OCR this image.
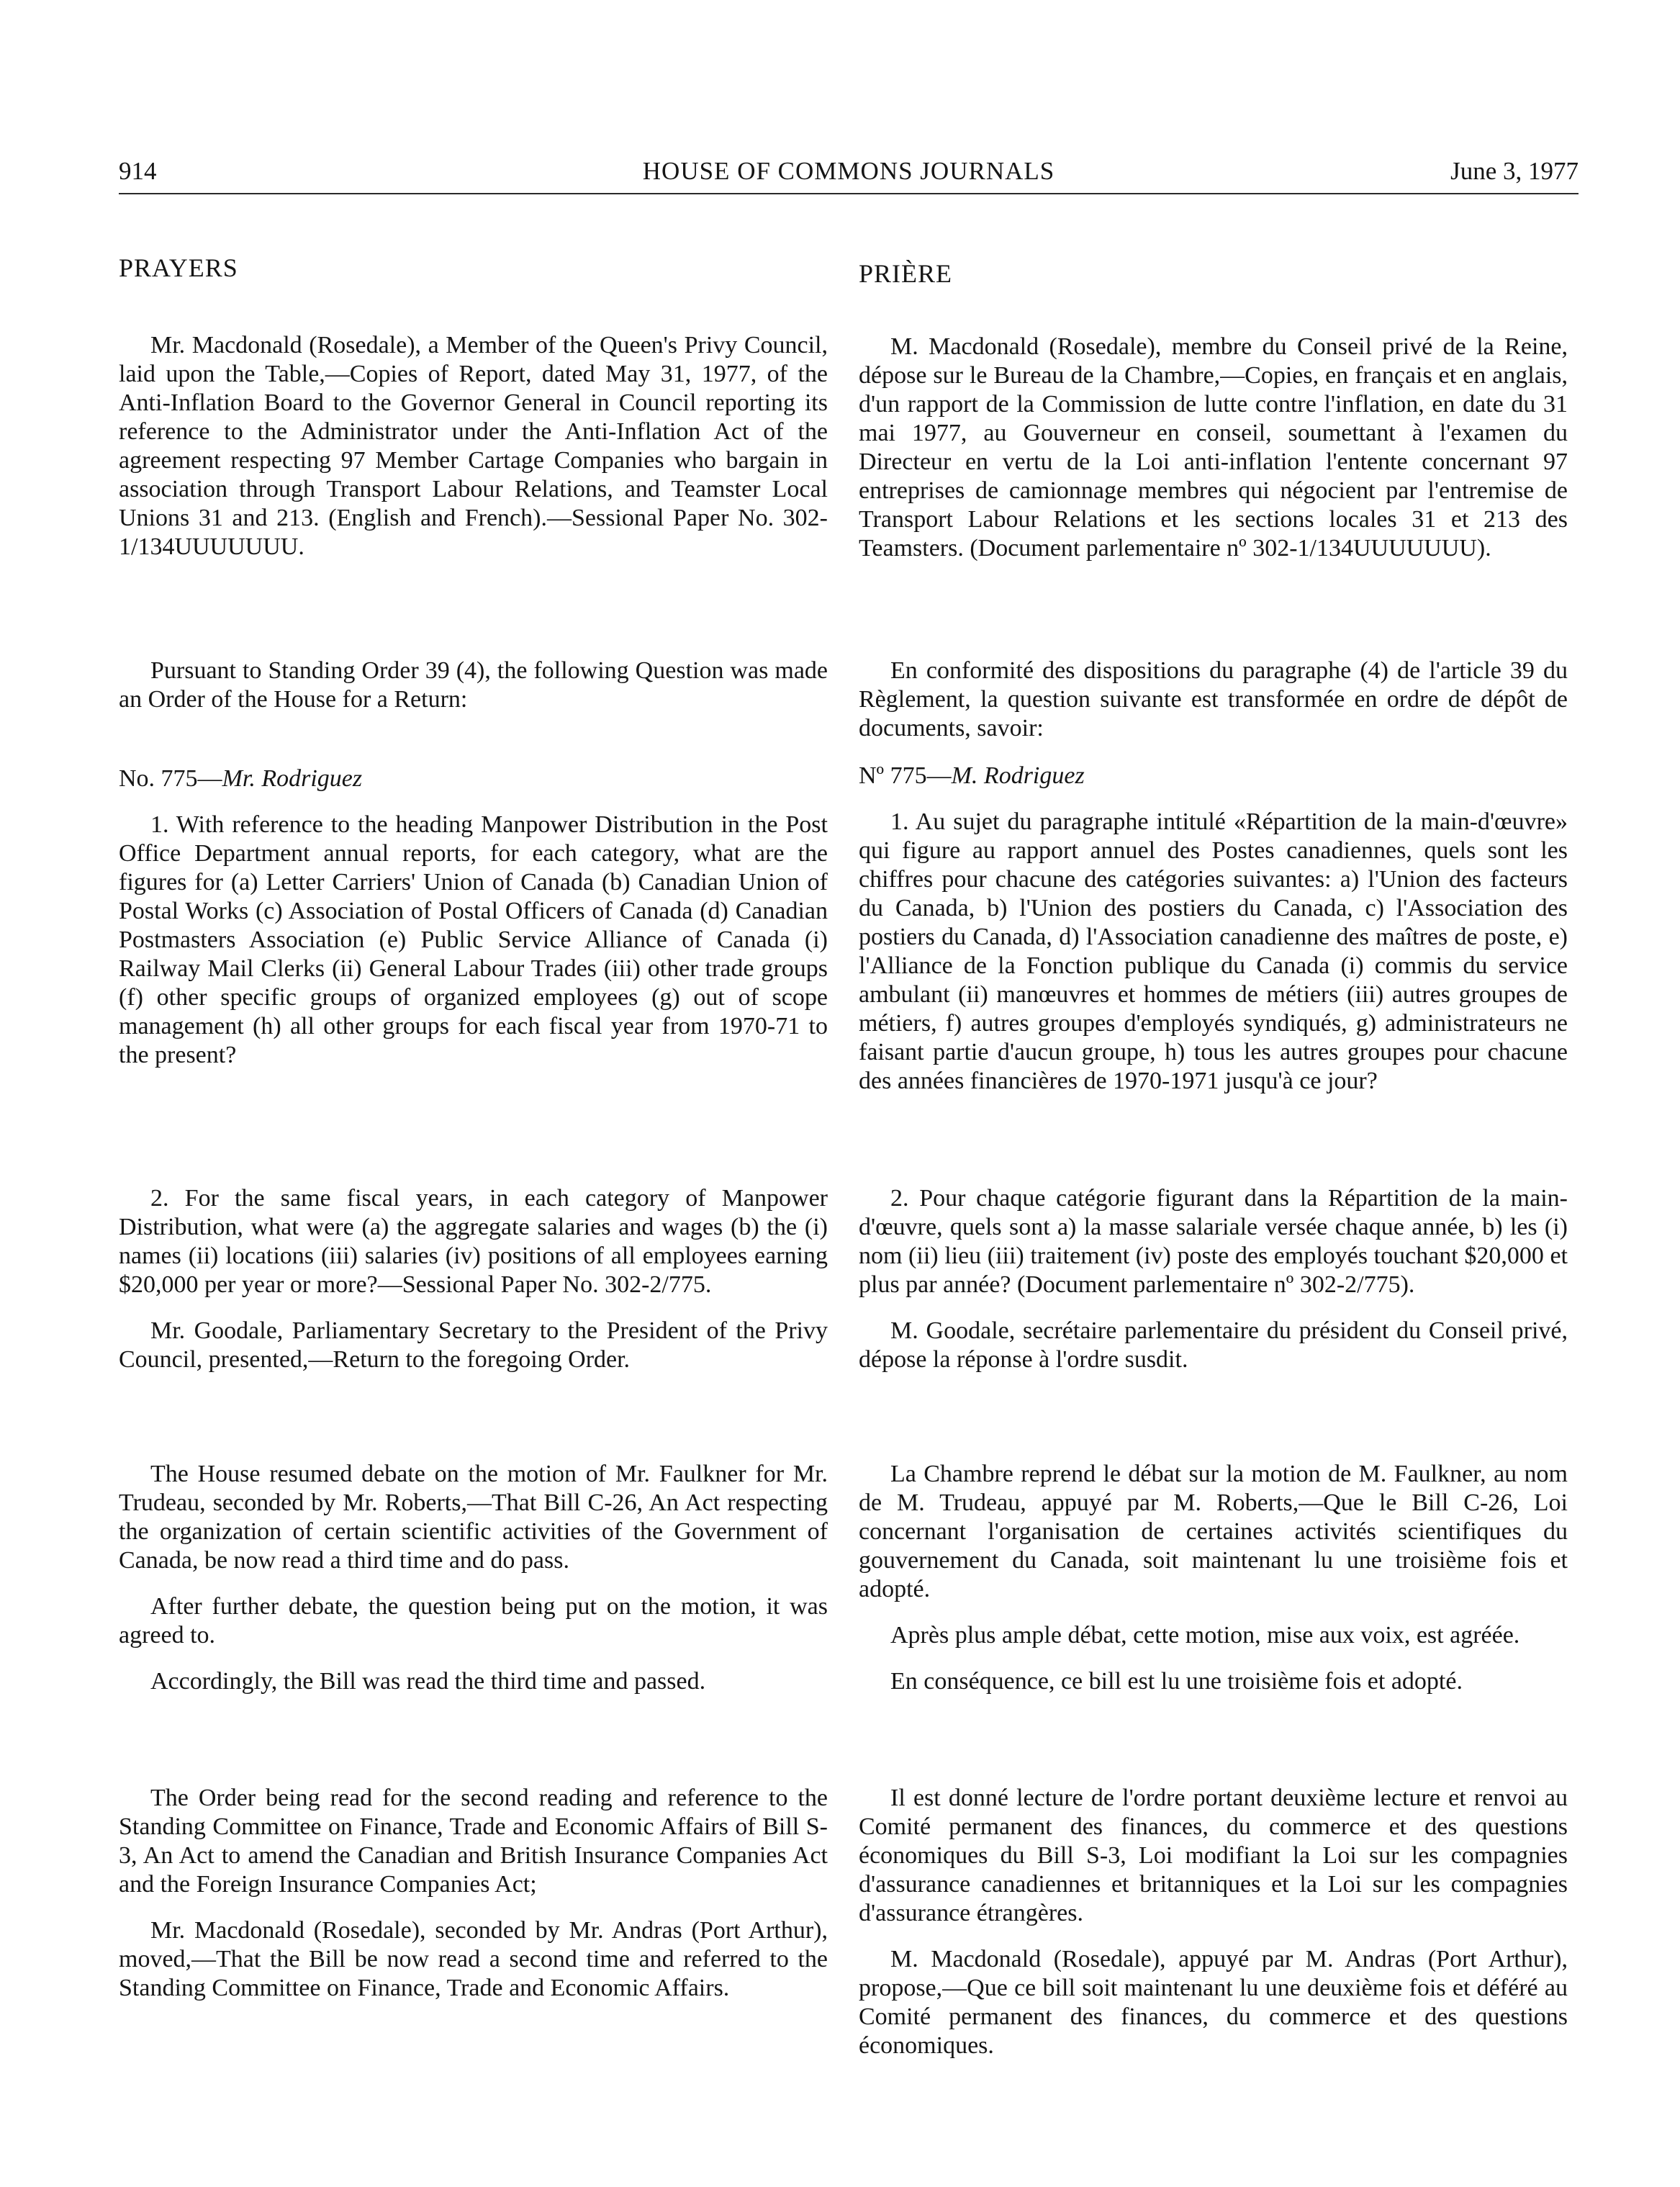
914	HOUSE OF COMMONS JOURNALS	June 3, 1977
PRAYERS

Mr. Macdonald (Rosedale), a Member of the Queen's Privy Council, laid upon the Table,—Copies of Report, dated May 31, 1977, of the Anti-Inflation Board to the Governor General in Council reporting its reference to the Administrator under the Anti-Inflation Act of the agreement respecting 97 Member Cartage Companies who bargain in association through Transport Labour Relations, and Teamster Local Unions 31 and 213. (English and French).—Sessional Paper No. 302-1/134UUUUUUU.

Pursuant to Standing Order 39 (4), the following Question was made an Order of the House for a Return:

No. 775—Mr. Rodriguez

1. With reference to the heading Manpower Distribution in the Post Office Department annual reports, for each category, what are the figures for (a) Letter Carriers' Union of Canada (b) Canadian Union of Postal Works (c) Association of Postal Officers of Canada (d) Canadian Postmasters Association (e) Public Service Alliance of Canada (i) Railway Mail Clerks (ii) General Labour Trades (iii) other trade groups (f) other specific groups of organized employees (g) out of scope management (h) all other groups for each fiscal year from 1970-71 to the present?

2. For the same fiscal years, in each category of Manpower Distribution, what were (a) the aggregate salaries and wages (b) the (i) names (ii) locations (iii) salaries (iv) positions of all employees earning $20,000 per year or more?—Sessional Paper No. 302-2/775.

Mr. Goodale, Parliamentary Secretary to the President of the Privy Council, presented,—Return to the foregoing Order.

The House resumed debate on the motion of Mr. Faulkner for Mr. Trudeau, seconded by Mr. Roberts,—That Bill C-26, An Act respecting the organization of certain scientific activities of the Government of Canada, be now read a third time and do pass.

After further debate, the question being put on the motion, it was agreed to.

Accordingly, the Bill was read the third time and passed.

The Order being read for the second reading and reference to the Standing Committee on Finance, Trade and Economic Affairs of Bill S-3, An Act to amend the Canadian and British Insurance Companies Act and the Foreign Insurance Companies Act;

Mr. Macdonald (Rosedale), seconded by Mr. Andras (Port Arthur), moved,—That the Bill be now read a second time and referred to the Standing Committee on Finance, Trade and Economic Affairs.

PRIÈRE

M. Macdonald (Rosedale), membre du Conseil privé de la Reine, dépose sur le Bureau de la Chambre,—Copies, en français et en anglais, d'un rapport de la Commission de lutte contre l'inflation, en date du 31 mai 1977, au Gouverneur en conseil, soumettant à l'examen du Directeur en vertu de la Loi anti-inflation l'entente concernant 97 entreprises de camionnage membres qui négocient par l'entremise de Transport Labour Relations et les sections locales 31 et 213 des Teamsters. (Document parlementaire nº 302-1/134UUUUUUU).

En conformité des dispositions du paragraphe (4) de l'article 39 du Règlement, la question suivante est transformée en ordre de dépôt de documents, savoir:

Nº 775—M. Rodriguez

1. Au sujet du paragraphe intitulé «Répartition de la main-d'œuvre» qui figure au rapport annuel des Postes canadiennes, quels sont les chiffres pour chacune des catégories suivantes: a) l'Union des facteurs du Canada, b) l'Union des postiers du Canada, c) l'Association des postiers du Canada, d) l'Association canadienne des maîtres de poste, e) l'Alliance de la Fonction publique du Canada (i) commis du service ambulant (ii) manœuvres et hommes de métiers (iii) autres groupes de métiers, f) autres groupes d'employés syndiqués, g) administrateurs ne faisant partie d'aucun groupe, h) tous les autres groupes pour chacune des années financières de 1970-1971 jusqu'à ce jour?

2. Pour chaque catégorie figurant dans la Répartition de la main-d'œuvre, quels sont a) la masse salariale versée chaque année, b) les (i) nom (ii) lieu (iii) traitement (iv) poste des employés touchant $20,000 et plus par année? (Document parlementaire nº 302-2/775).

M. Goodale, secrétaire parlementaire du président du Conseil privé, dépose la réponse à l'ordre susdit.

La Chambre reprend le débat sur la motion de M. Faulkner, au nom de M. Trudeau, appuyé par M. Roberts,—Que le Bill C-26, Loi concernant l'organisation de certaines activités scientifiques du gouvernement du Canada, soit maintenant lu une troisième fois et adopté.

Après plus ample débat, cette motion, mise aux voix, est agréée.

En conséquence, ce bill est lu une troisième fois et adopté.

Il est donné lecture de l'ordre portant deuxième lecture et renvoi au Comité permanent des finances, du commerce et des questions économiques du Bill S-3, Loi modifiant la Loi sur les compagnies d'assurance canadiennes et britanniques et la Loi sur les compagnies d'assurance étrangères.

M. Macdonald (Rosedale), appuyé par M. Andras (Port Arthur), propose,—Que ce bill soit maintenant lu une deuxième fois et déféré au Comité permanent des finances, du commerce et des questions économiques.
